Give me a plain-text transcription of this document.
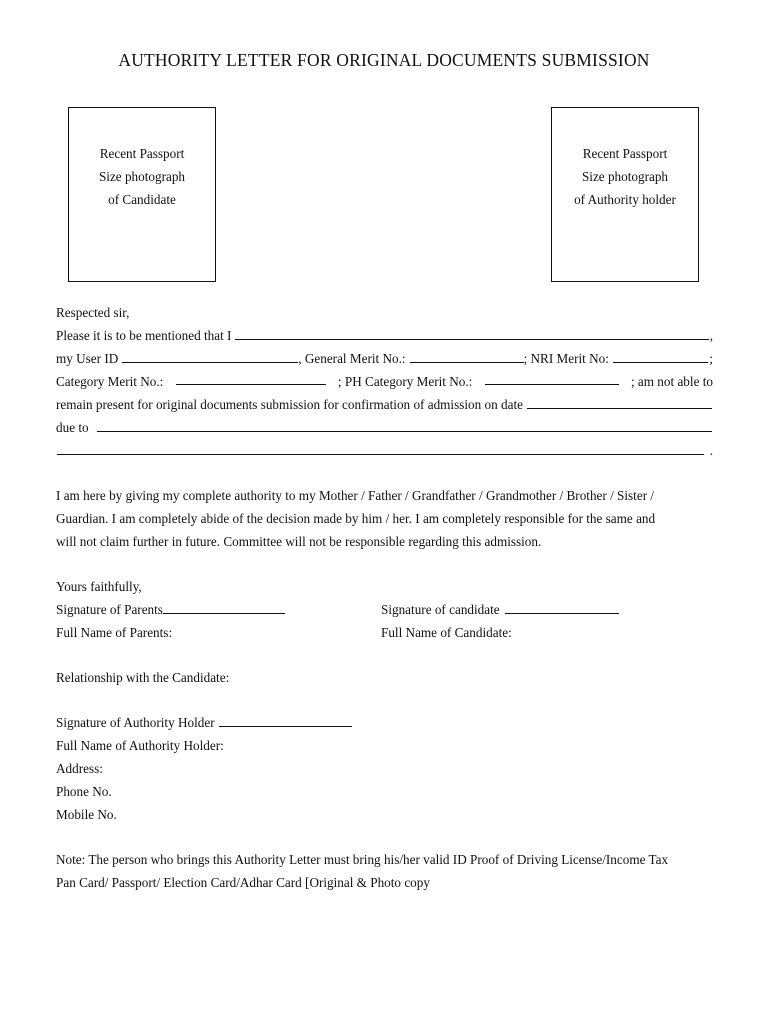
AUTHORITY LETTER FOR ORIGINAL DOCUMENTS SUBMISSION
Recent Passport
Size photograph
of Candidate
Recent Passport
Size photograph
of Authority holder
Respected sir,
Please it is to be mentioned that I	,
my User ID	, General Merit No.:	; NRI Merit No:	;
Category Merit No.:	; PH Category Merit No.:	; am not able to
remain present for original documents submission for confirmation of admission on date
due to
.
I am here by giving my complete authority to my Mother / Father / Grandfather / Grandmother / Brother / Sister /
Guardian. I am completely abide of the decision made by him / her. I am completely responsible for the same and
will not claim further in future. Committee will not be responsible regarding this admission.
Yours faithfully,
Signature of Parents
Full Name of Parents:
Signature of candidate
Full Name of Candidate:
Relationship with the Candidate:
Signature of Authority Holder
Full Name of Authority Holder:
Address:
Phone No.
Mobile No.
Note: The person who brings this Authority Letter must bring his/her valid ID Proof of Driving License/Income Tax
Pan Card/ Passport/ Election Card/Adhar Card [Original & Photo copy
